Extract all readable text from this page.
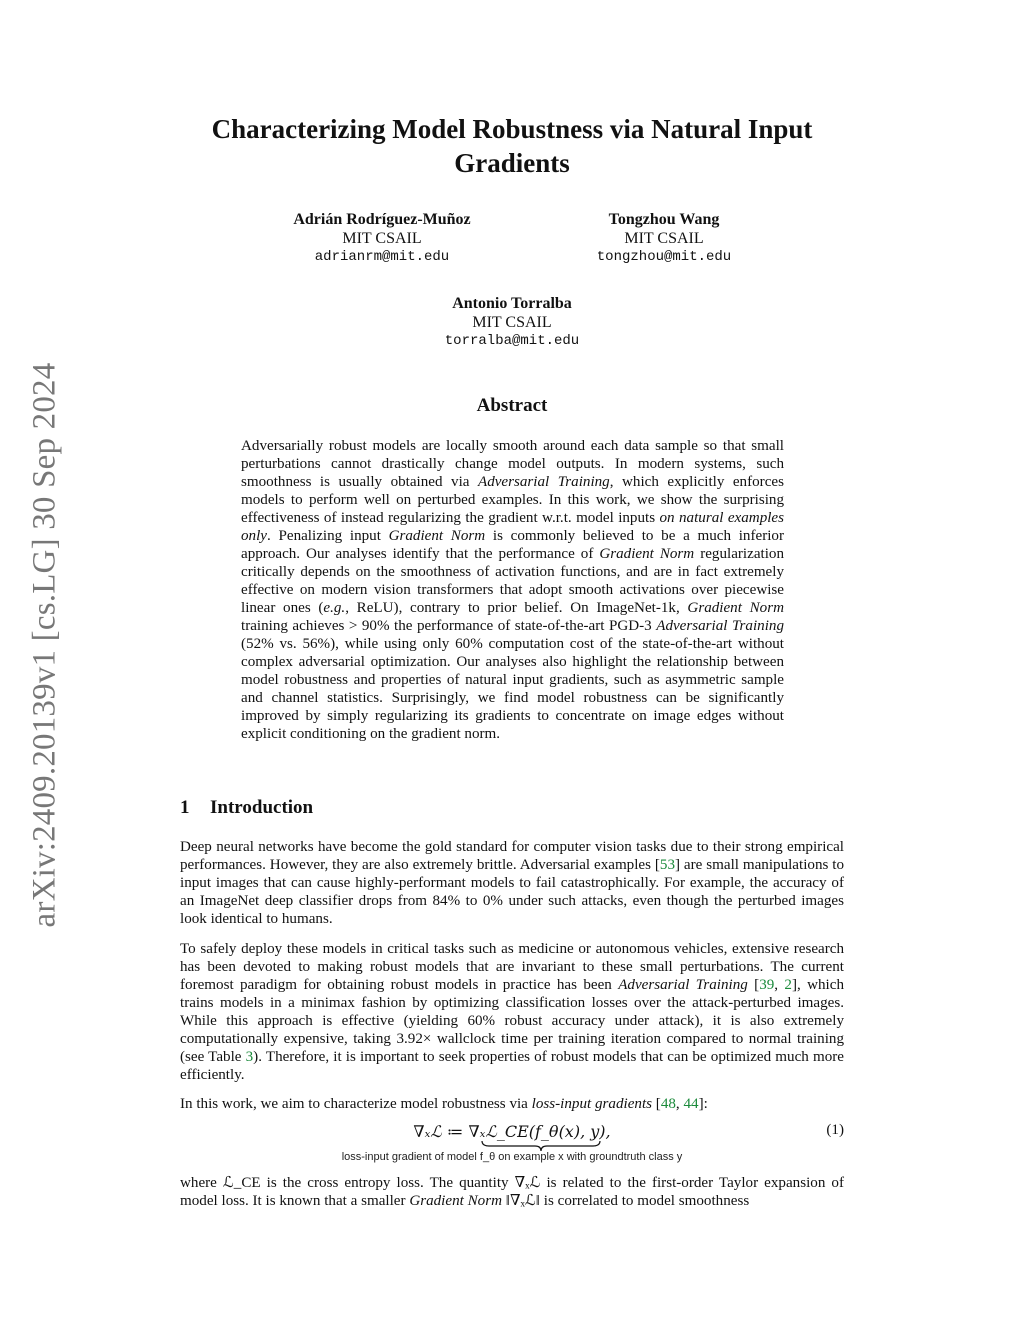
arXiv:2409.20139v1 [cs.LG] 30 Sep 2024
Characterizing Model Robustness via Natural Input Gradients
Adrián Rodríguez-Muñoz
MIT CSAIL
adrianrm@mit.edu
Tongzhou Wang
MIT CSAIL
tongzhou@mit.edu
Antonio Torralba
MIT CSAIL
torralba@mit.edu
Abstract

Adversarially robust models are locally smooth around each data sample so that small perturbations cannot drastically change model outputs. In modern systems, such smoothness is usually obtained via Adversarial Training, which explicitly enforces models to perform well on perturbed examples. In this work, we show the surprising effectiveness of instead regularizing the gradient w.r.t. model inputs on natural examples only. Penalizing input Gradient Norm is commonly believed to be a much inferior approach. Our analyses identify that the performance of Gradient Norm regularization critically depends on the smoothness of activation functions, and are in fact extremely effective on modern vision transformers that adopt smooth activations over piecewise linear ones (e.g., ReLU), contrary to prior belief. On ImageNet-1k, Gradient Norm training achieves > 90% the performance of state-of-the-art PGD-3 Adversarial Training (52% vs. 56%), while using only 60% computation cost of the state-of-the-art without complex adversarial optimization. Our analyses also highlight the relationship between model robustness and properties of natural input gradients, such as asymmetric sample and channel statistics. Surprisingly, we find model robustness can be significantly improved by simply regularizing its gradients to concentrate on image edges without explicit conditioning on the gradient norm.

1 Introduction

Deep neural networks have become the gold standard for computer vision tasks due to their strong empirical performances. However, they are also extremely brittle. Adversarial examples [53] are small manipulations to input images that can cause highly-performant models to fail catastrophically. For example, the accuracy of an ImageNet deep classifier drops from 84% to 0% under such attacks, even though the perturbed images look identical to humans.

To safely deploy these models in critical tasks such as medicine or autonomous vehicles, extensive research has been devoted to making robust models that are invariant to these small perturbations. The current foremost paradigm for obtaining robust models in practice has been Adversarial Training [39, 2], which trains models in a minimax fashion by optimizing classification losses over the attack-perturbed images. While this approach is effective (yielding 60% robust accuracy under attack), it is also extremely computationally expensive, taking 3.92× wallclock time per training iteration compared to normal training (see Table 3). Therefore, it is important to seek properties of robust models that can be optimized much more efficiently.

In this work, we aim to characterize model robustness via loss-input gradients [48, 44]:

∇ₓℒ ≔ ∇ₓℒ_CE(f_θ(x), y),	(1)
loss-input gradient of model f_θ on example x with groundtruth class y

where ℒ_CE is the cross entropy loss. The quantity ∇ₓℒ is related to the first-order Taylor expansion of model loss. It is known that a smaller Gradient Norm ‖∇ₓℒ‖ is correlated to model smoothness
